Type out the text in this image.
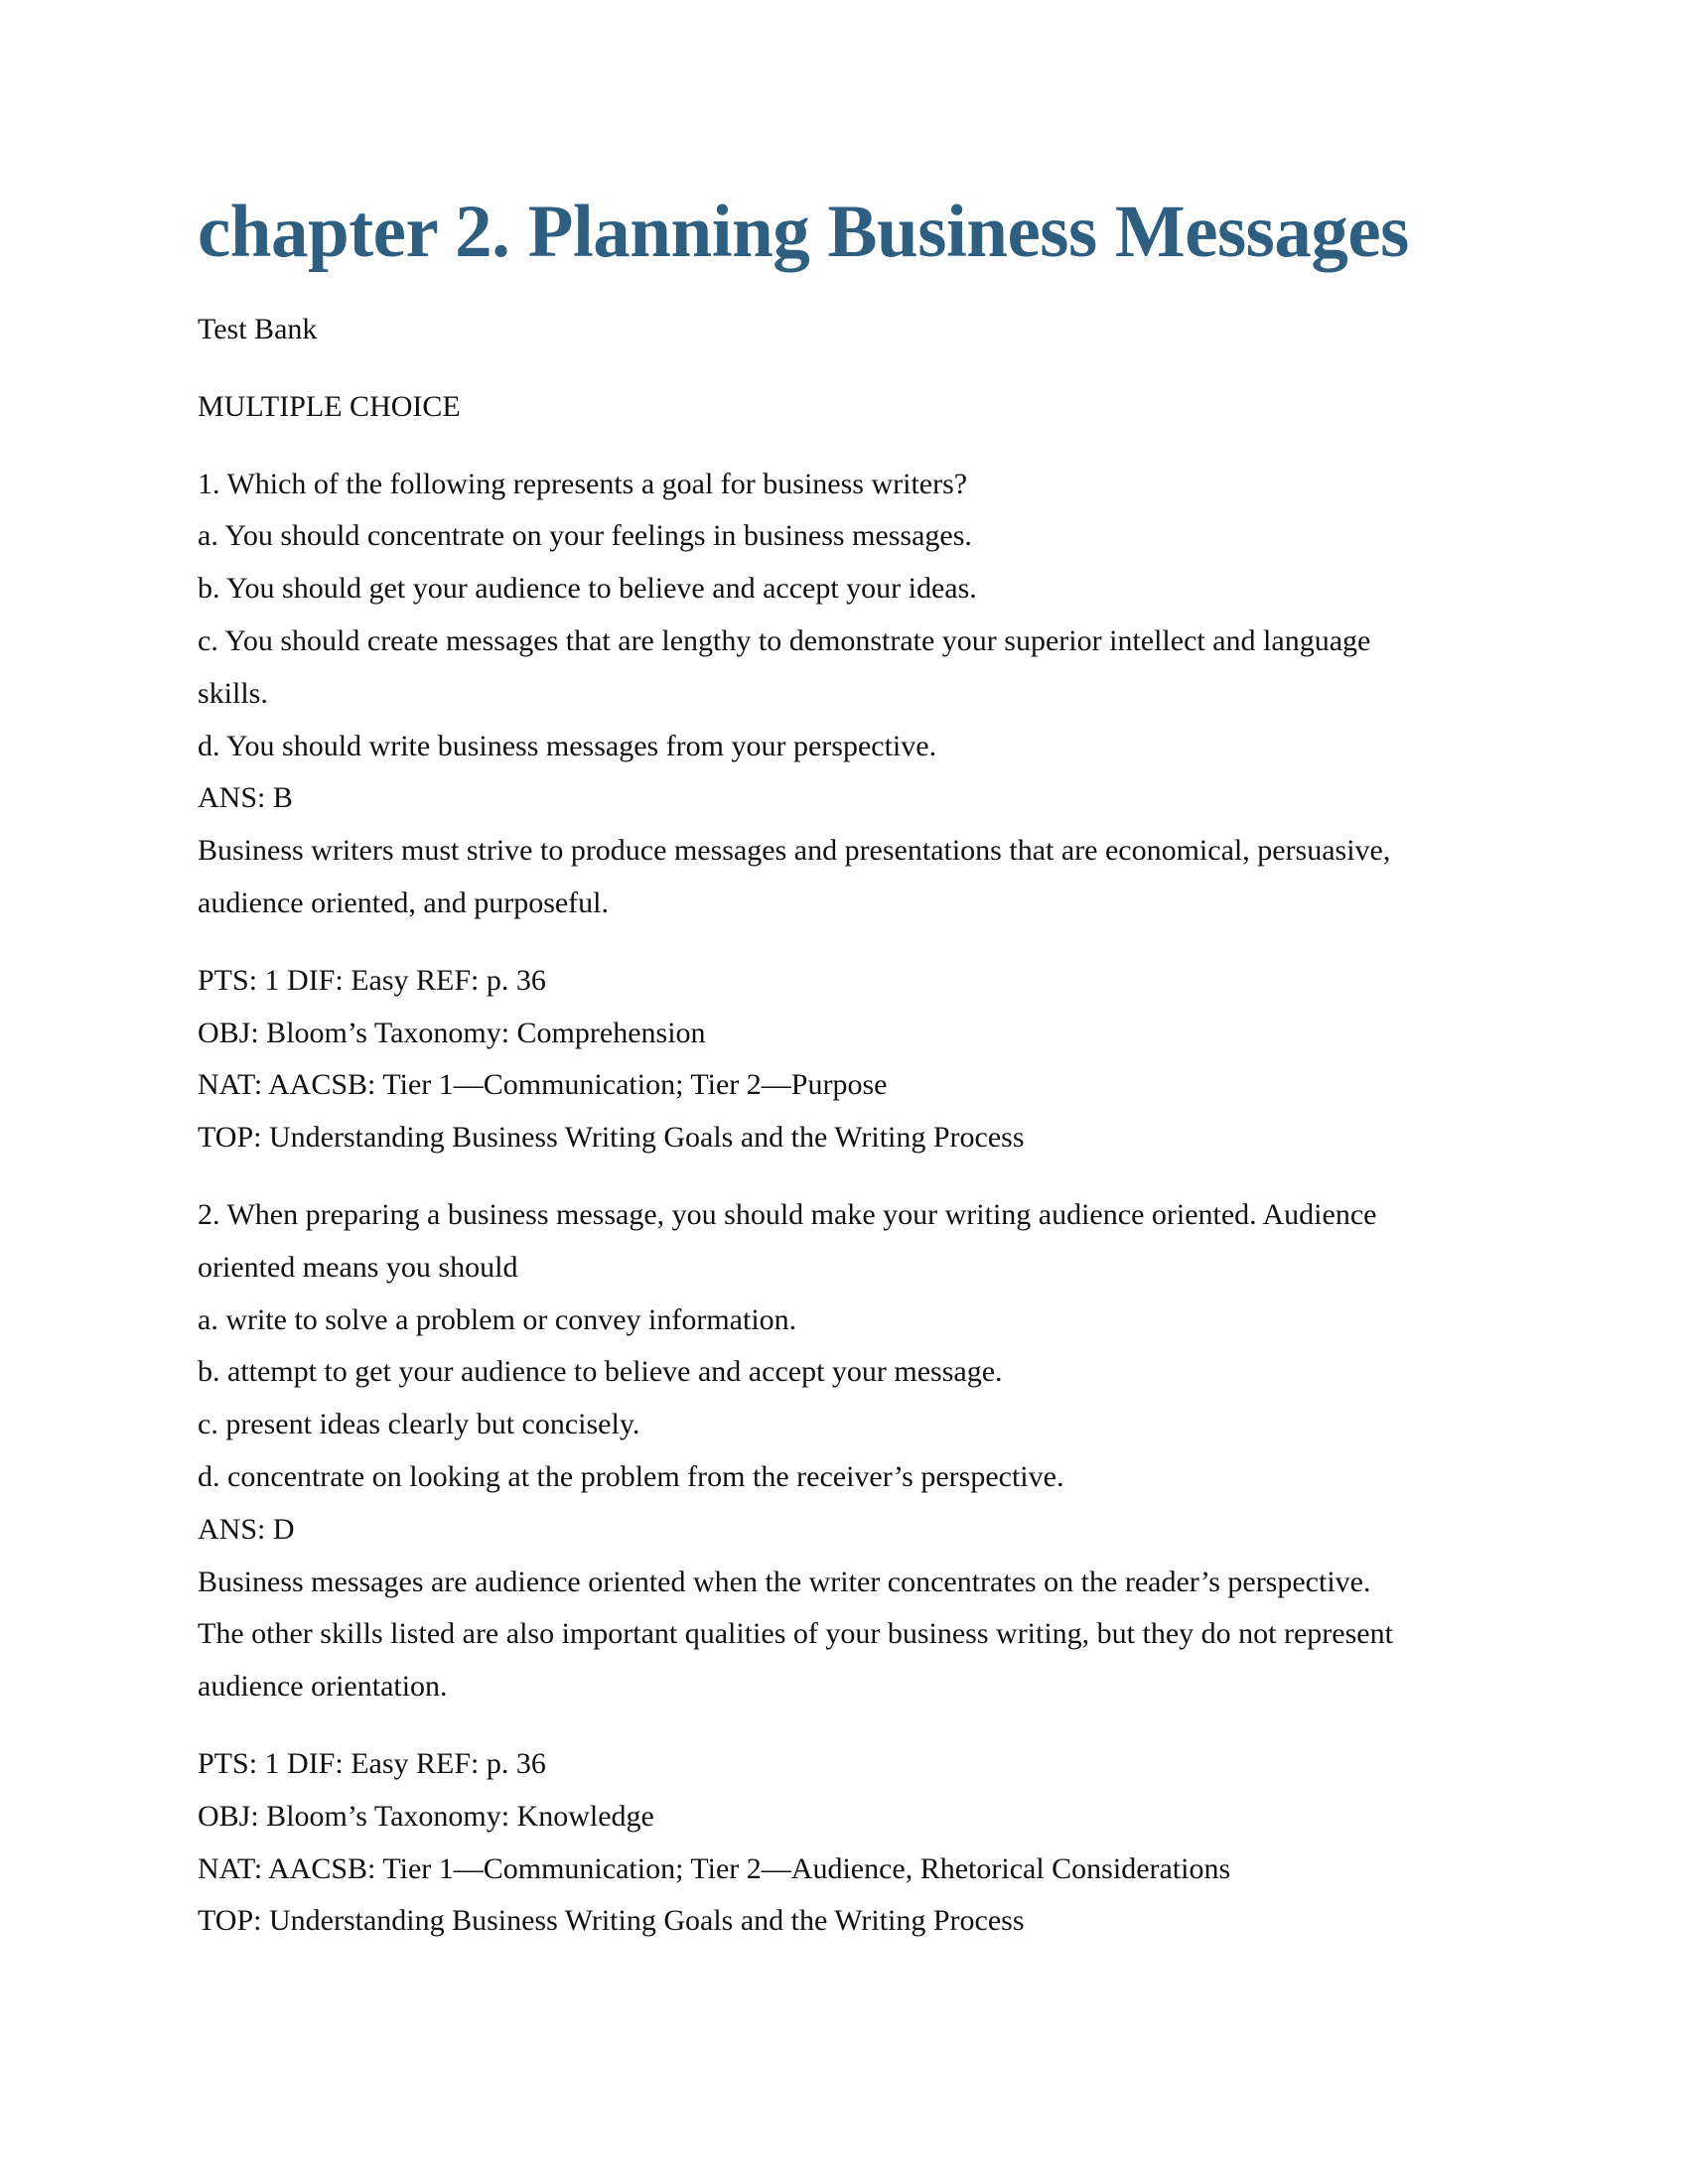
chapter 2. Planning Business Messages

Test Bank

MULTIPLE CHOICE

1. Which of the following represents a goal for business writers?
a. You should concentrate on your feelings in business messages.
b. You should get your audience to believe and accept your ideas.
c. You should create messages that are lengthy to demonstrate your superior intellect and language
skills.
d. You should write business messages from your perspective.
ANS: B
Business writers must strive to produce messages and presentations that are economical, persuasive,
audience oriented, and purposeful.
PTS: 1 DIF: Easy REF: p. 36
OBJ: Bloom’s Taxonomy: Comprehension
NAT: AACSB: Tier 1—Communication; Tier 2—Purpose
TOP: Understanding Business Writing Goals and the Writing Process
2. When preparing a business message, you should make your writing audience oriented. Audience
oriented means you should
a. write to solve a problem or convey information.
b. attempt to get your audience to believe and accept your message.
c. present ideas clearly but concisely.
d. concentrate on looking at the problem from the receiver’s perspective.
ANS: D
Business messages are audience oriented when the writer concentrates on the reader’s perspective.
The other skills listed are also important qualities of your business writing, but they do not represent
audience orientation.
PTS: 1 DIF: Easy REF: p. 36
OBJ: Bloom’s Taxonomy: Knowledge
NAT: AACSB: Tier 1—Communication; Tier 2—Audience, Rhetorical Considerations
TOP: Understanding Business Writing Goals and the Writing Process
